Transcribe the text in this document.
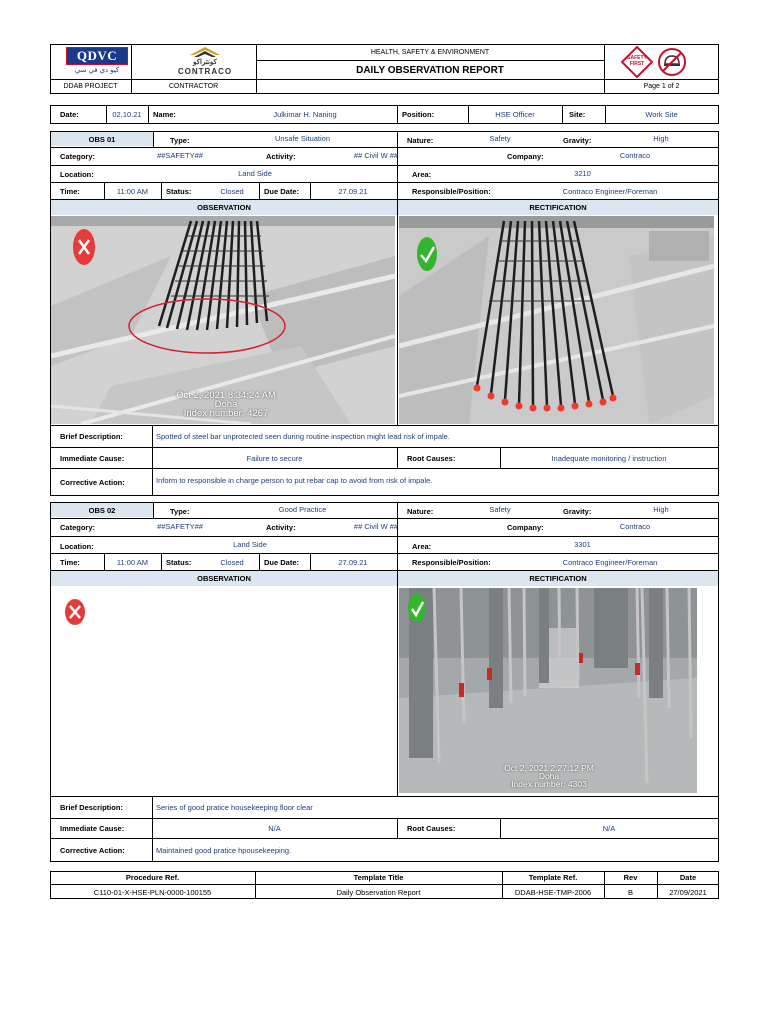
QDVC
كيو دي في سي
DDAB PROJECT
كونتراكو
CONTRACO
CONTRACTOR
HEALTH, SAFETY & ENVIRONMENT
DAILY OBSERVATION REPORT
Page 1 of 2
SAFETY FIRST
Date:	02.10.21	Name:	Julkimar H. Naning	Position:	HSE Officer	Site:	Work Site
OBS 01	Type:	Unsafe Situation	Nature:	Safety	Gravity:	High
Category:	##SAFETY##	Activity:	## Civil W ##	Company:	Contraco
Location:	Land Side	Area:	3210
Time:	11:00 AM	Status:	Closed	Due Date:	27.09.21	Responsible/Position:	Contraco Engineer/Foreman
OBSERVATION	RECTIFICATION
Oct 2, 2021 8:34:24 AM
Doha
Index number: 4267
Brief Description:	Spotted of steel bar unprotected seen during routine inspection might lead risk of impale.
Immediate Cause:	Failure to secure	Root Causes:	Inadequate monitoring / instruction
Corrective Action:	Inform to responsible in charge person to put rebar cap to avoid from risk of impale.
OBS 02	Type:	Good Practice	Nature:	Safety	Gravity:	High
Category:	##SAFETY##	Activity:	## Civil W ##	Company:	Contraco
Location:	Land Side	Area:	3301
Time:	11:00 AM	Status:	Closed	Due Date:	27.09.21	Responsible/Position:	Contraco Engineer/Foreman
OBSERVATION	RECTIFICATION
Oct 2, 2021 2:27:12 PM
Doha
Index number: 4303
Brief Description:	Series of good pratice housekeeping floor clear
Immediate Cause:	N/A	Root Causes:	N/A
Corrective Action:	Maintained good pratice hpousekeeping.
Procedure Ref.	Template Title	Template Ref.	Rev	Date
C110-01-X-HSE-PLN-0000-100155	Daily Observation Report	DDAB-HSE-TMP-2006	B	27/09/2021
